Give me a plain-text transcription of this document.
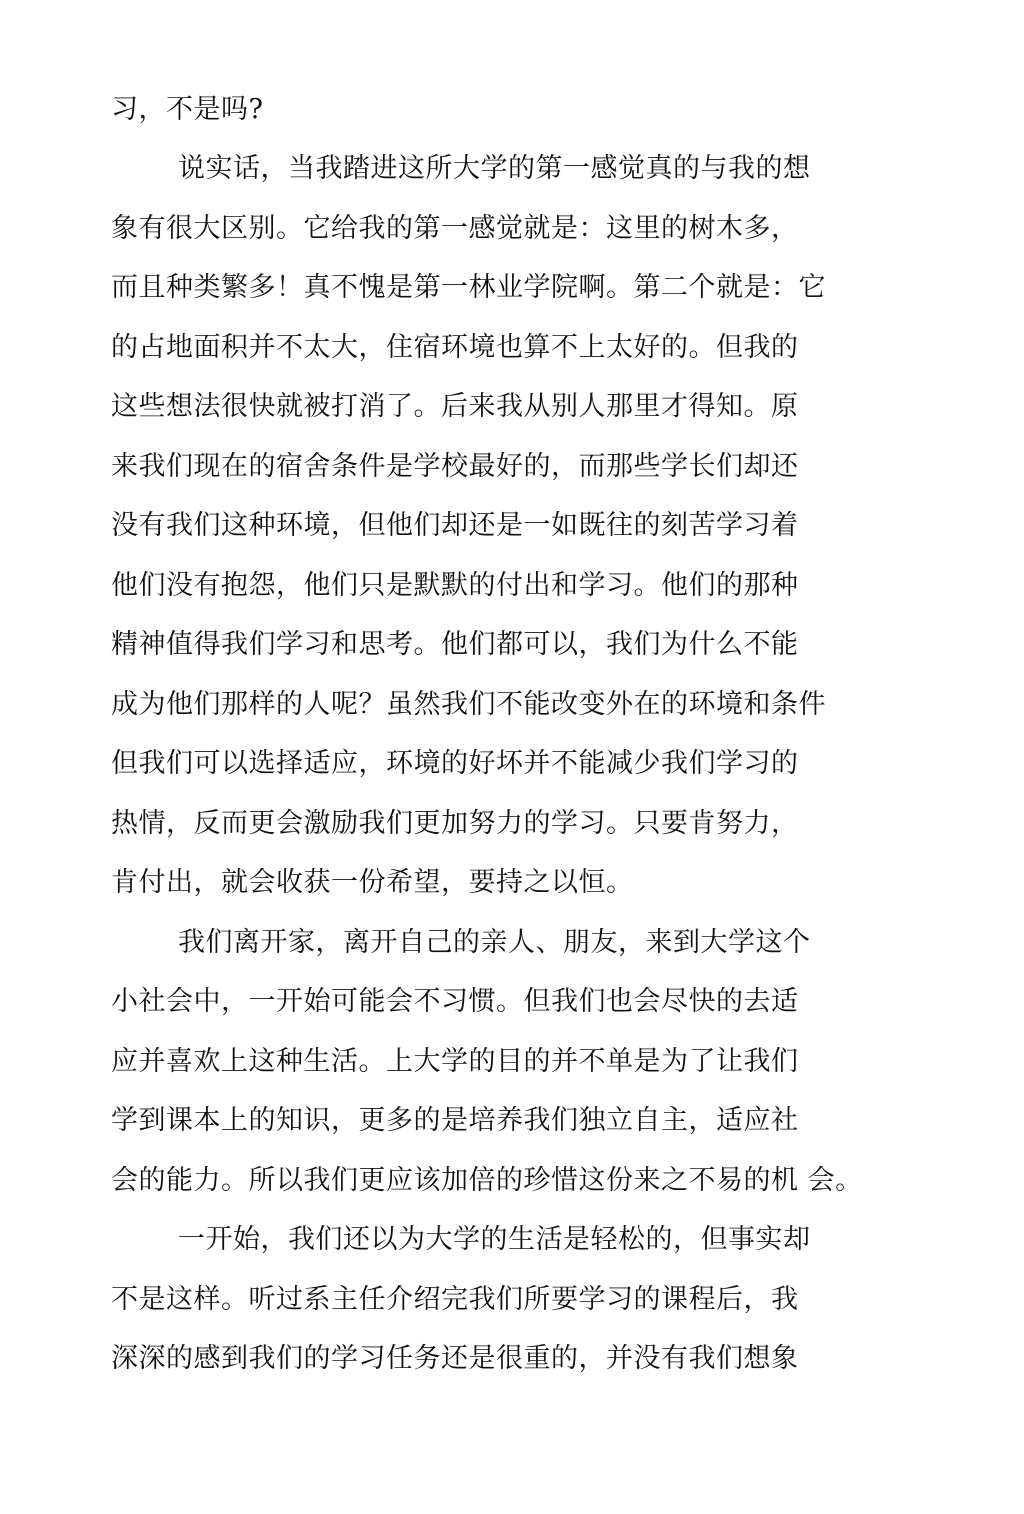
习，不是吗?
说实话，当我踏进这所大学的第一感觉真的与我的想
象有很大区别。它给我的第一感觉就是：这里的树木多，
而且种类繁多！真不愧是第一林业学院啊。第二个就是：它
的占地面积并不太大，住宿环境也算不上太好的。但我的
这些想法很快就被打消了。后来我从别人那里才得知。原
来我们现在的宿舍条件是学校最好的，而那些学长们却还
没有我们这种环境，但他们却还是一如既往的刻苦学习着
他们没有抱怨，他们只是默默的付出和学习。他们的那种
精神值得我们学习和思考。他们都可以，我们为什么不能
成为他们那样的人呢？虽然我们不能改变外在的环境和条件
但我们可以选择适应，环境的好坏并不能减少我们学习的
热情，反而更会激励我们更加努力的学习。只要肯努力，
肯付出，就会收获一份希望，要持之以恒。
我们离开家，离开自己的亲人、朋友，来到大学这个
小社会中，一开始可能会不习惯。但我们也会尽快的去适
应并喜欢上这种生活。上大学的目的并不单是为了让我们
学到课本上的知识，更多的是培养我们独立自主，适应社
会的能力。所以我们更应该加倍的珍惜这份来之不易的机 会。
一开始，我们还以为大学的生活是轻松的，但事实却
不是这样。听过系主任介绍完我们所要学习的课程后，我
深深的感到我们的学习任务还是很重的，并没有我们想象
